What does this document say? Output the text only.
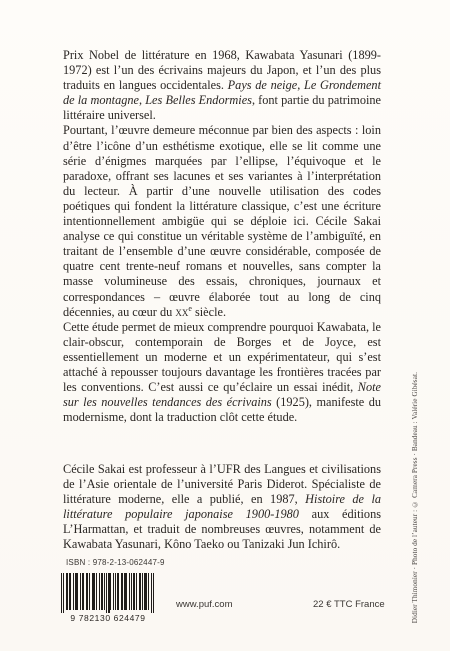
Prix Nobel de littérature en 1968, Kawabata Yasunari (1899-1972) est l’un des écrivains majeurs du Japon, et l’un des plus traduits en langues occidentales. Pays de neige, Le Grondement de la montagne, Les Belles Endormies, font partie du patrimoine littéraire universel.

Pourtant, l’œuvre demeure méconnue par bien des aspects : loin d’être l’icône d’un esthétisme exotique, elle se lit comme une série d’énigmes marquées par l’ellipse, l’équivoque et le paradoxe, offrant ses lacunes et ses variantes à l’interprétation du lecteur. À partir d’une nouvelle utilisation des codes poétiques qui fondent la littérature classique, c’est une écriture intentionnellement ambigüe qui se déploie ici. Cécile Sakai analyse ce qui constitue un véritable système de l’ambiguïté, en traitant de l’ensemble d’une œuvre considérable, composée de quatre cent trente-neuf romans et nouvelles, sans compter la masse volumineuse des essais, chroniques, journaux et correspondances – œuvre élaborée tout au long de cinq décennies, au cœur du $xx^e$ siècle.

Cette étude permet de mieux comprendre pourquoi Kawabata, le clair-obscur, contemporain de Borges et de Joyce, est essentiellement un moderne et un expérimentateur, qui s’est attaché à repousser toujours davantage les frontières tracées par les conventions. C’est aussi ce qu’éclaire un essai inédit, Note sur les nouvelles tendances des écrivains (1925), manifeste du modernisme, dont la traduction clôt cette étude.

Cécile Sakai est professeur à l’UFR des Langues et civilisations de l’Asie orientale de l’université Paris Diderot. Spécialiste de littérature moderne, elle a publié, en 1987, Histoire de la littérature populaire japonaise 1900-1980 aux éditions L’Harmattan, et traduit de nombreuses œuvres, notamment de Kawabata Yasunari, Kôno Taeko ou Tanizaki Jun Ichirô.	Didier Thimonier · Photo de l’auteur : © Camera Press · Bandeau : Valérie Gibésat.
ISBN : 978-2-13-062447-9
9 782130 624479
www.puf.com	22 € TTC France
